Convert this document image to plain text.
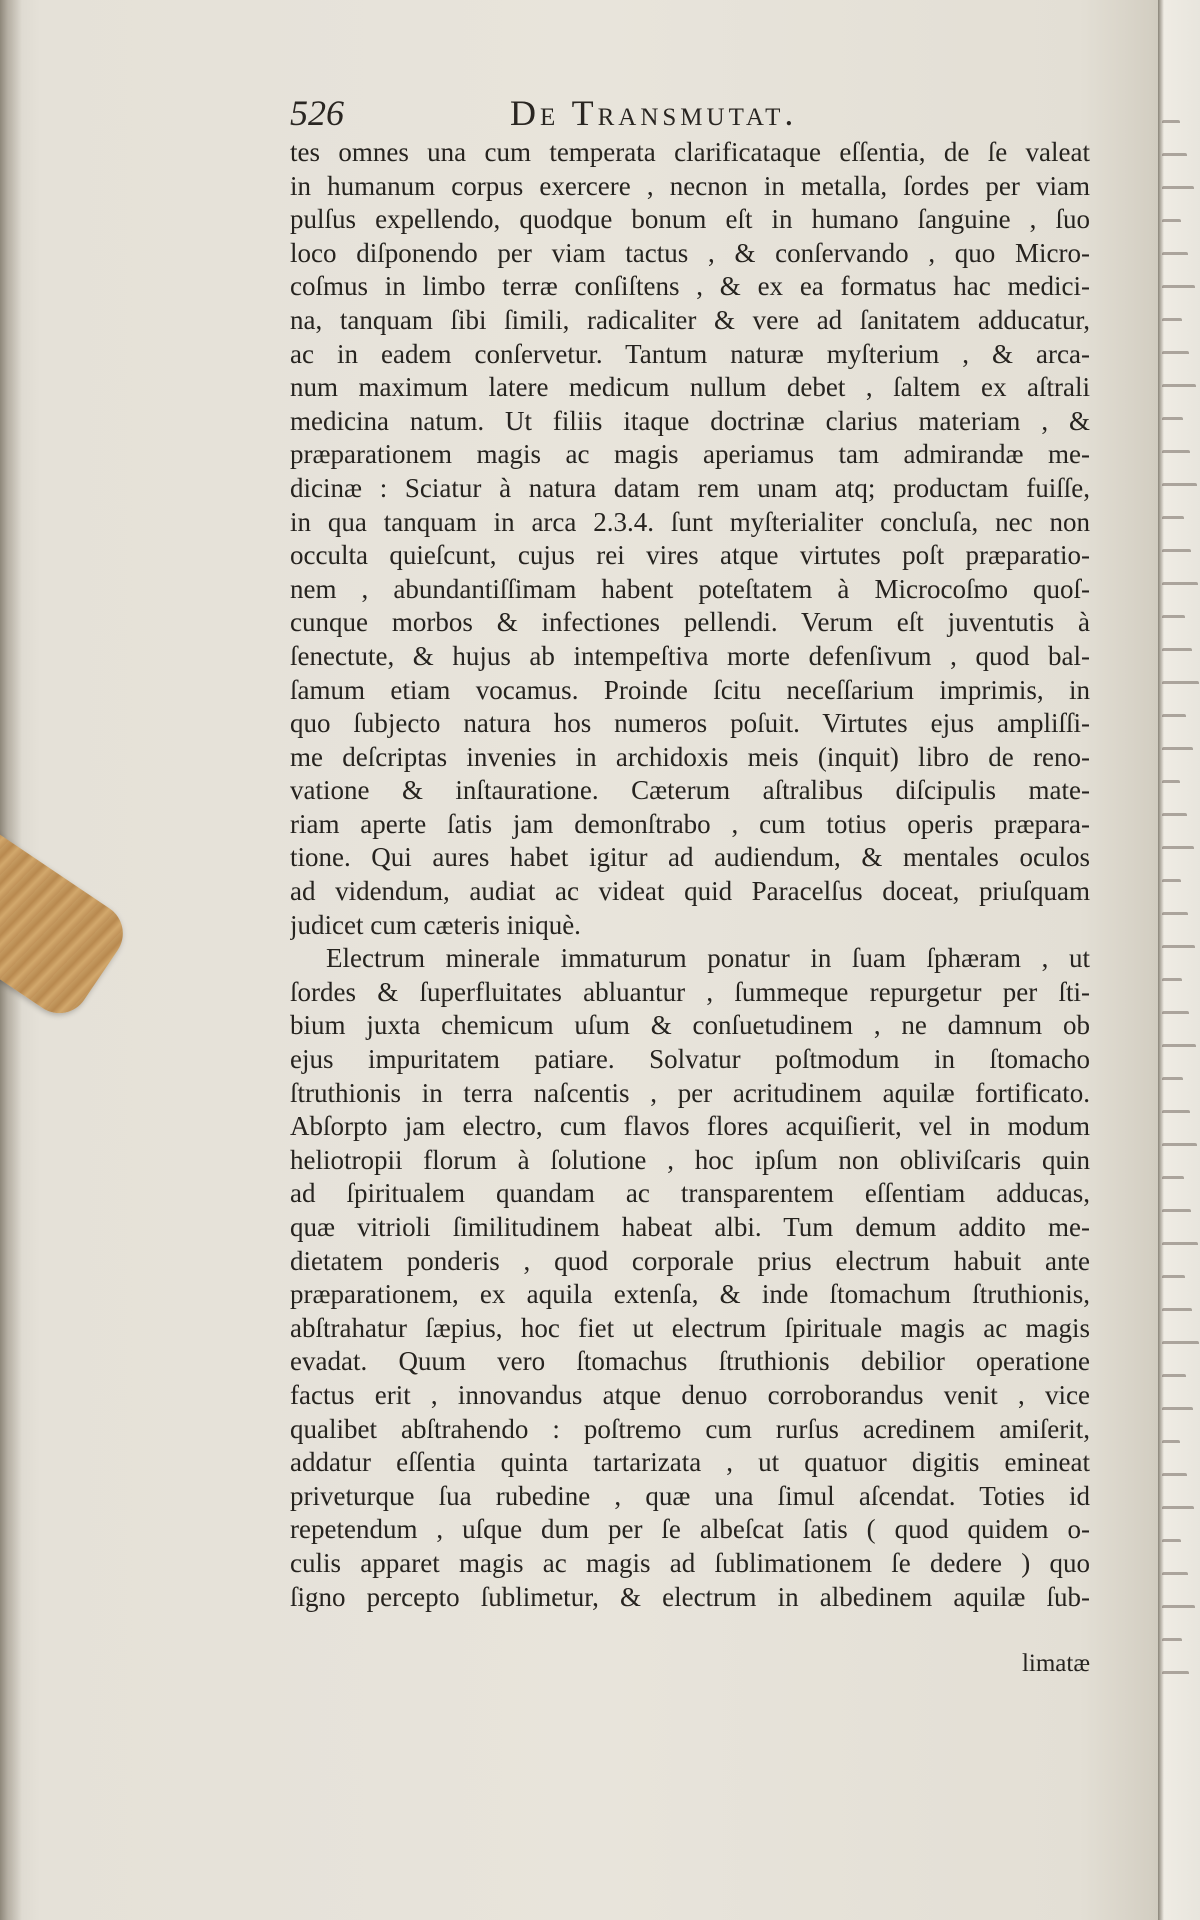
526	De Transmutat.
tes omnes una cum temperata clarificataque eſſentia, de ſe valeat
in humanum corpus exercere , necnon in metalla, ſordes per viam
pulſus expellendo, quodque bonum eſt in humano ſanguine , ſuo
loco diſponendo per viam tactus , & conſervando , quo Micro-
coſmus in limbo terræ conſiſtens , & ex ea formatus hac medici-
na, tanquam ſibi ſimili, radicaliter & vere ad ſanitatem adducatur,
ac in eadem conſervetur. Tantum naturæ myſterium , & arca-
num maximum latere medicum nullum debet , ſaltem ex aſtrali
medicina natum. Ut filiis itaque doctrinæ clarius materiam , &
præparationem magis ac magis aperiamus tam admirandæ me-
dicinæ : Sciatur à natura datam rem unam atq; productam fuiſſe,
in qua tanquam in arca 2.3.4. ſunt myſterialiter concluſa, nec non
occulta quieſcunt, cujus rei vires atque virtutes poſt præparatio-
nem , abundantiſſimam habent poteſtatem à Microcoſmo quoſ-
cunque morbos & infectiones pellendi. Verum eſt juventutis à
ſenectute, & hujus ab intempeſtiva morte defenſivum , quod bal-
ſamum etiam vocamus. Proinde ſcitu neceſſarium imprimis, in
quo ſubjecto natura hos numeros poſuit. Virtutes ejus ampliſſi-
me deſcriptas invenies in archidoxis meis (inquit) libro de reno-
vatione & inſtauratione. Cæterum aſtralibus diſcipulis mate-
riam aperte ſatis jam demonſtrabo , cum totius operis præpara-
tione. Qui aures habet igitur ad audiendum, & mentales oculos
ad videndum, audiat ac videat quid Paracelſus doceat, priuſquam
judicet cum cæteris iniquè.
Electrum minerale immaturum ponatur in ſuam ſphæram , ut
ſordes & ſuperfluitates abluantur , ſummeque repurgetur per ſti-
bium juxta chemicum uſum & conſuetudinem , ne damnum ob
ejus impuritatem patiare. Solvatur poſtmodum in ſtomacho
ſtruthionis in terra naſcentis , per acritudinem aquilæ fortificato.
Abſorpto jam electro, cum flavos flores acquiſierit, vel in modum
heliotropii florum à ſolutione , hoc ipſum non obliviſcaris quin
ad ſpiritualem quandam ac transparentem eſſentiam adducas,
quæ vitrioli ſimilitudinem habeat albi. Tum demum addito me-
dietatem ponderis , quod corporale prius electrum habuit ante
præparationem, ex aquila extenſa, & inde ſtomachum ſtruthionis,
abſtrahatur ſæpius, hoc fiet ut electrum ſpirituale magis ac magis
evadat. Quum vero ſtomachus ſtruthionis debilior operatione
factus erit , innovandus atque denuo corroborandus venit , vice
qualibet abſtrahendo : poſtremo cum rurſus acredinem amiſerit,
addatur eſſentia quinta tartarizata , ut quatuor digitis emineat
priveturque ſua rubedine , quæ una ſimul aſcendat. Toties id
repetendum , uſque dum per ſe albeſcat ſatis ( quod quidem o-
culis apparet magis ac magis ad ſublimationem ſe dedere ) quo
ſigno percepto ſublimetur, & electrum in albedinem aquilæ ſub-
limatæ
